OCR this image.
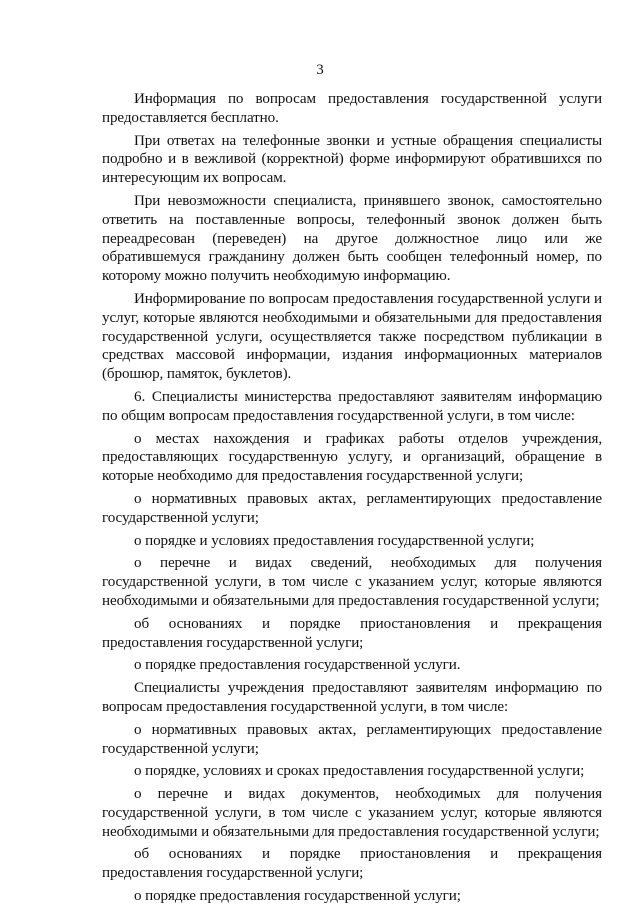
3

Информация по вопросам предоставления государственной услуги предоставляется бесплатно.

При ответах на телефонные звонки и устные обращения специалисты подробно и в вежливой (корректной) форме информируют обратившихся по интересующим их вопросам.

При невозможности специалиста, принявшего звонок, самостоятельно ответить на поставленные вопросы, телефонный звонок должен быть переадресован (переведен) на другое должностное лицо или же обратившемуся гражданину должен быть сообщен телефонный номер, по которому можно получить необходимую информацию.

Информирование по вопросам предоставления государственной услуги и услуг, которые являются необходимыми и обязательными для предоставления государственной услуги, осуществляется также посредством публикации в средствах массовой информации, издания информационных материалов (брошюр, памяток, буклетов).

6. Специалисты министерства предоставляют заявителям информацию по общим вопросам предоставления государственной услуги, в том числе:

о местах нахождения и графиках работы отделов учреждения, предоставляющих государственную услугу, и организаций, обращение в которые необходимо для предоставления государственной услуги;

о нормативных правовых актах, регламентирующих предоставление государственной услуги;

о порядке и условиях предоставления государственной услуги;

о перечне и видах сведений, необходимых для получения государственной услуги, в том числе с указанием услуг, которые являются необходимыми и обязательными для предоставления государственной услуги;

об основаниях и порядке приостановления и прекращения предоставления государственной услуги;

о порядке предоставления государственной услуги.

Специалисты учреждения предоставляют заявителям информацию по вопросам предоставления государственной услуги, в том числе:

о нормативных правовых актах, регламентирующих предоставление государственной услуги;

о порядке, условиях и сроках предоставления государственной услуги;

о перечне и видах документов, необходимых для получения государственной услуги, в том числе с указанием услуг, которые являются необходимыми и обязательными для предоставления государственной услуги;

об основаниях и порядке приостановления и прекращения предоставления государственной услуги;

о порядке предоставления государственной услуги;
